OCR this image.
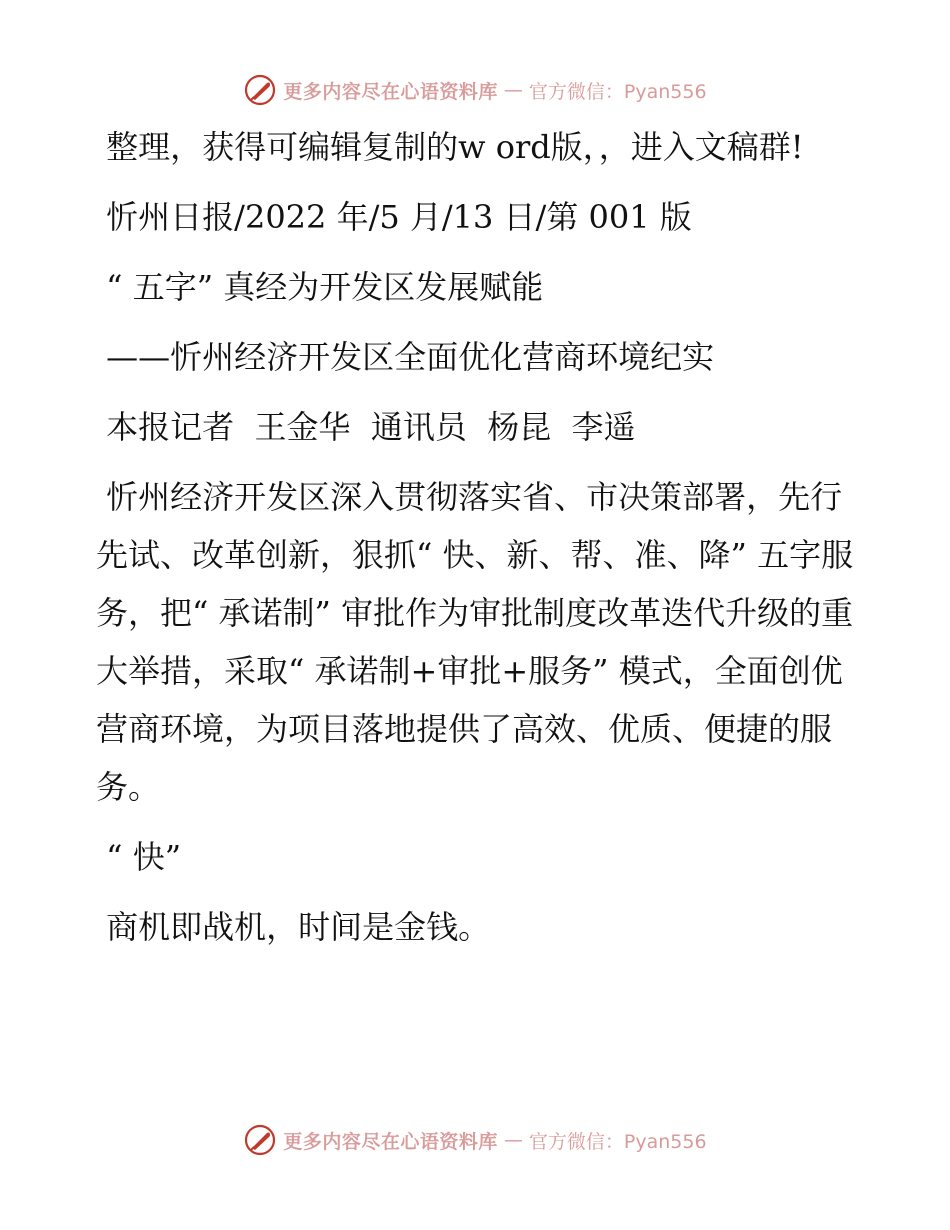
更多内容尽在心语资料库 — 官方微信：Pyan556

整理，获得可编辑复制的w ord版，，进入文稿群!

忻州日报/2022 年/5 月/13 日/第 001 版

“ 五字” 真经为开发区发展赋能

——忻州经济开发区全面优化营商环境纪实

本报记者  王金华  通讯员  杨昆  李遥

忻州经济开发区深入贯彻落实省、市决策部署，先行先试、改革创新，狠抓“ 快、新、帮、准、降” 五字服务，把“ 承诺制” 审批作为审批制度改革迭代升级的重大举措，采取“ 承诺制+审批+服务” 模式，全面创优营商环境，为项目落地提供了高效、优质、便捷的服务。

“ 快”

商机即战机，时间是金钱。

更多内容尽在心语资料库 — 官方微信：Pyan556
